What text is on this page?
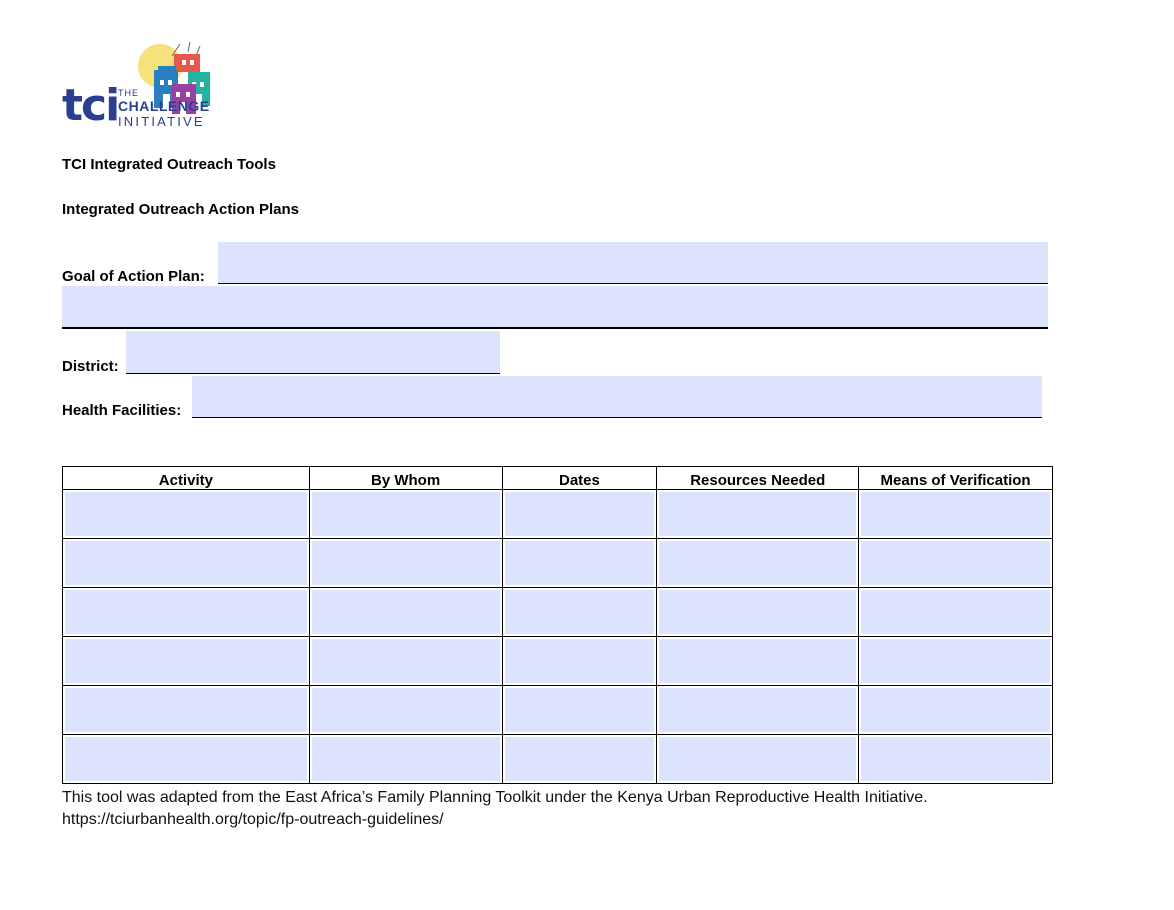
tci THE
CHALLENGE
INITIATIVE
TCI Integrated Outreach Tools
Integrated Outreach Action Plans
Goal of Action Plan:
District:
Health Facilities:
Activity	By Whom	Dates	Resources Needed	Means of Verification

This tool was adapted from the East Africa’s Family Planning Toolkit under the Kenya Urban Reproductive Health Initiative.
https://tciurbanhealth.org/topic/fp-outreach-guidelines/
